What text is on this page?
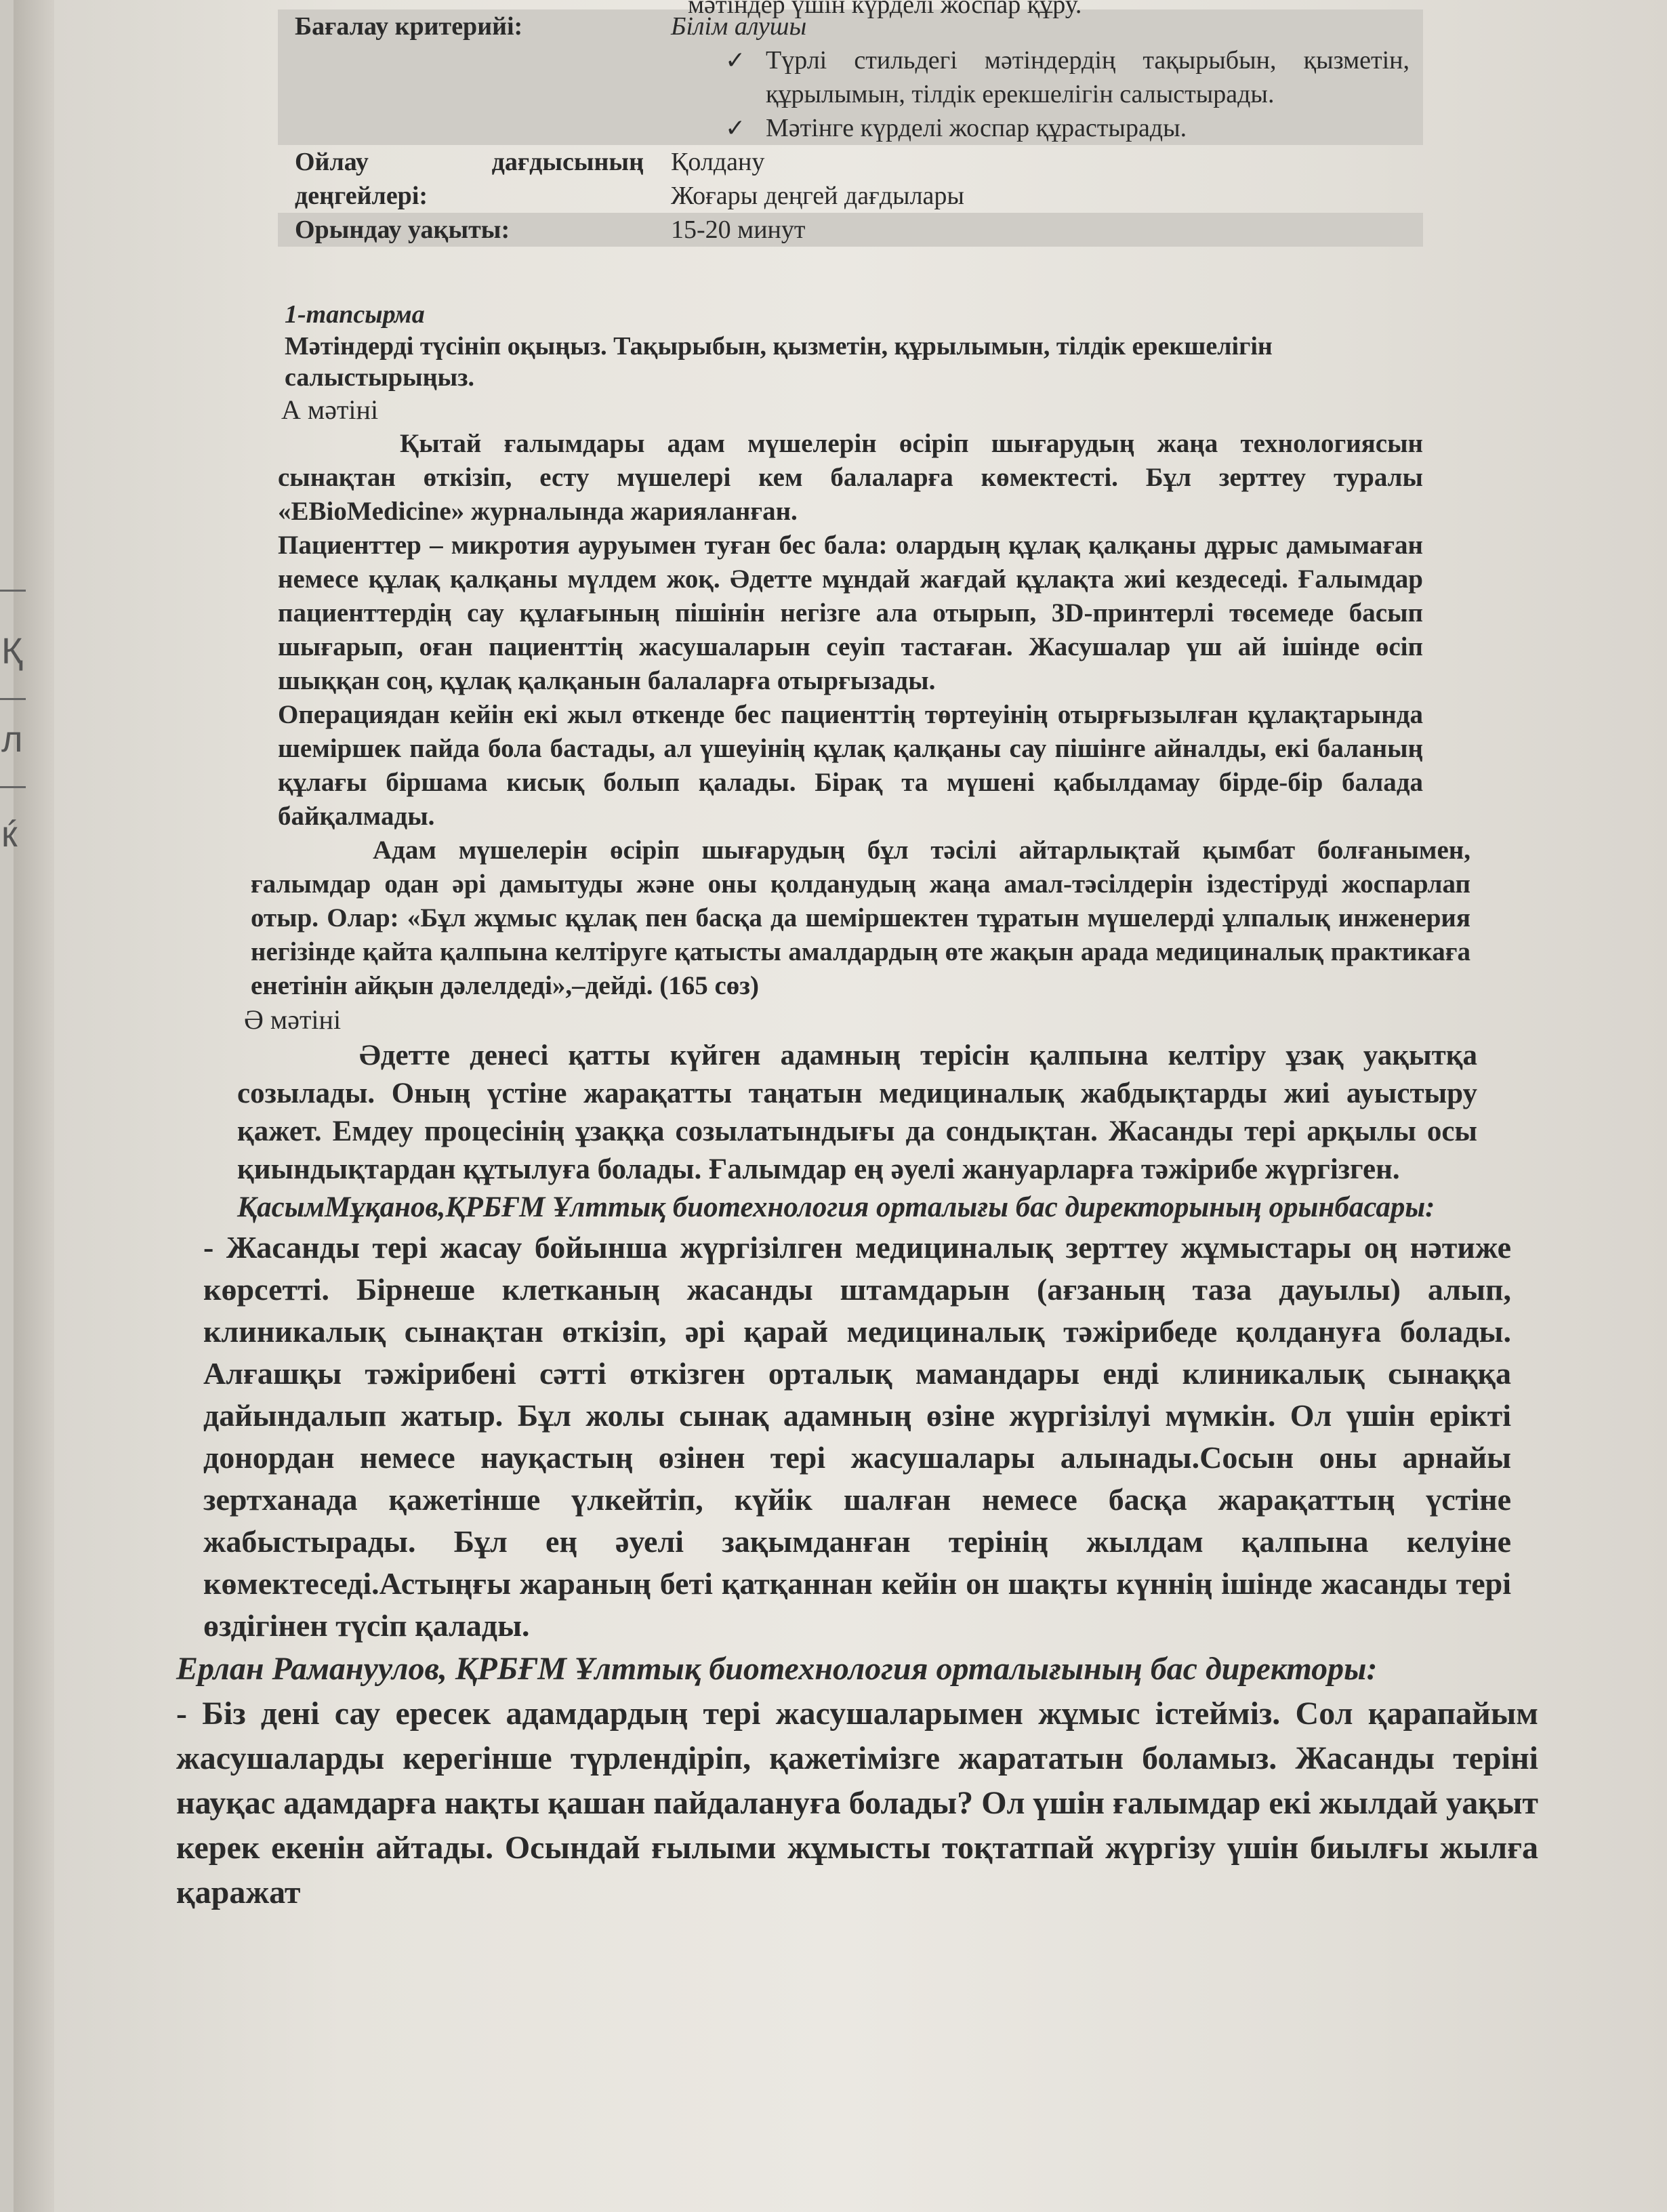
Қ
л
ќ
Бағалау критерийі:	Білім алушы
✓ Түрлі стильдегі мәтіндердің тақырыбын, қызметін, құрылымын, тілдік ерекшелігін салыстырады.
✓ Мәтінге күрделі жоспар құрастырады.
Ойлау дағдысының деңгейлері:
Қолдану
Жоғары деңгей дағдылары
Орындау уақыты:	15-20 минут
1-тапсырма
Мәтіндерді түсініп оқыңыз. Тақырыбын, қызметін, құрылымын, тілдік ерекшелігін салыстырыңыз.
А мәтіні
Қытай ғалымдары адам мүшелерін өсіріп шығарудың жаңа технологиясын сынақтан өткізіп, есту мүшелері кем балаларға көмектесті. Бұл зерттеу туралы «EBioMedicine» журналында жарияланған.
Пациенттер – микротия ауруымен туған бес бала: олардың құлақ қалқаны дұрыс дамымаған немесе құлақ қалқаны мүлдем жоқ. Әдетте мұндай жағдай құлақта жиі кездеседі. Ғалымдар пациенттердің сау құлағының пішінін негізге ала отырып, 3D-принтерлі төсемеде басып шығарып, оған пациенттің жасушаларын сеуіп тастаған. Жасушалар үш ай ішінде өсіп шыққан соң, құлақ қалқанын балаларға отырғызады.
Операциядан кейін екі жыл өткенде бес пациенттің төртеуінің отырғызылған құлақтарында шеміршек пайда бола бастады, ал үшеуінің құлақ қалқаны сау пішінге айналды, екі баланың құлағы біршама кисық болып қалады. Бірақ та мүшені қабылдамау бірде-бір балада байқалмады.
Адам мүшелерін өсіріп шығарудың бұл тәсілі айтарлықтай қымбат болғанымен, ғалымдар одан әрі дамытуды және оны қолданудың жаңа амал-тәсілдерін іздестіруді жоспарлап отыр. Олар: «Бұл жұмыс құлақ пен басқа да шеміршектен тұратын мүшелерді ұлпалық инженерия негізінде қайта қалпына келтіруге қатысты амалдардың өте жақын арада медициналық практикаға енетінін айқын дәлелдеді»,–дейді. (165 сөз)
Ә мәтіні
Әдетте денесі қатты күйген адамның терісін қалпына келтіру ұзақ уақытқа созылады. Оның үстіне жарақатты таңатын медициналық жабдықтарды жиі ауыстыру қажет. Емдеу процесінің ұзаққа созылатындығы да сондықтан. Жасанды тері арқылы осы қиындықтардан құтылуға болады. Ғалымдар ең әуелі жануарларға тәжірибе жүргізген.
ҚасымМұқанов,ҚРБҒМ Ұлттық биотехнология орталығы бас директорының орынбасары:
- Жасанды тері жасау бойынша жүргізілген медициналық зерттеу жұмыстары оң нәтиже көрсетті. Бірнеше клетканың жасанды штамдарын (ағзаның таза дауылы) алып, клиникалық сынақтан өткізіп, әрі қарай медициналық тәжірибеде қолдануға болады. Алғашқы тәжірибені сәтті өткізген орталық мамандары енді клиникалық сынаққа дайындалып жатыр. Бұл жолы сынақ адамның өзіне жүргізілуі мүмкін. Ол үшін ерікті донордан немесе науқастың өзінен тері жасушалары алынады.Сосын оны арнайы зертханада қажетінше үлкейтіп, күйік шалған немесе басқа жарақаттың үстіне жабыстырады. Бұл ең әуелі зақымданған терінің жылдам қалпына келуіне көмектеседі.Астыңғы жараның беті қатқаннан кейін он шақты күннің ішінде жасанды тері өздігінен түсіп қалады.
Ерлан Рамануулов, ҚРБҒМ Ұлттық биотехнология орталығының бас директоры:
- Біз дені сау ересек адамдардың тері жасушаларымен жұмыс істейміз. Сол қарапайым жасушаларды керегінше түрлендіріп, қажетімізге жарататын боламыз. Жасанды теріні науқас адамдарға нақты қашан пайдалануға болады? Ол үшін ғалымдар екі жылдай уақыт керек екенін айтады. Осындай ғылыми жұмысты тоқтатпай жүргізу үшін биылғы жылға қаражат
